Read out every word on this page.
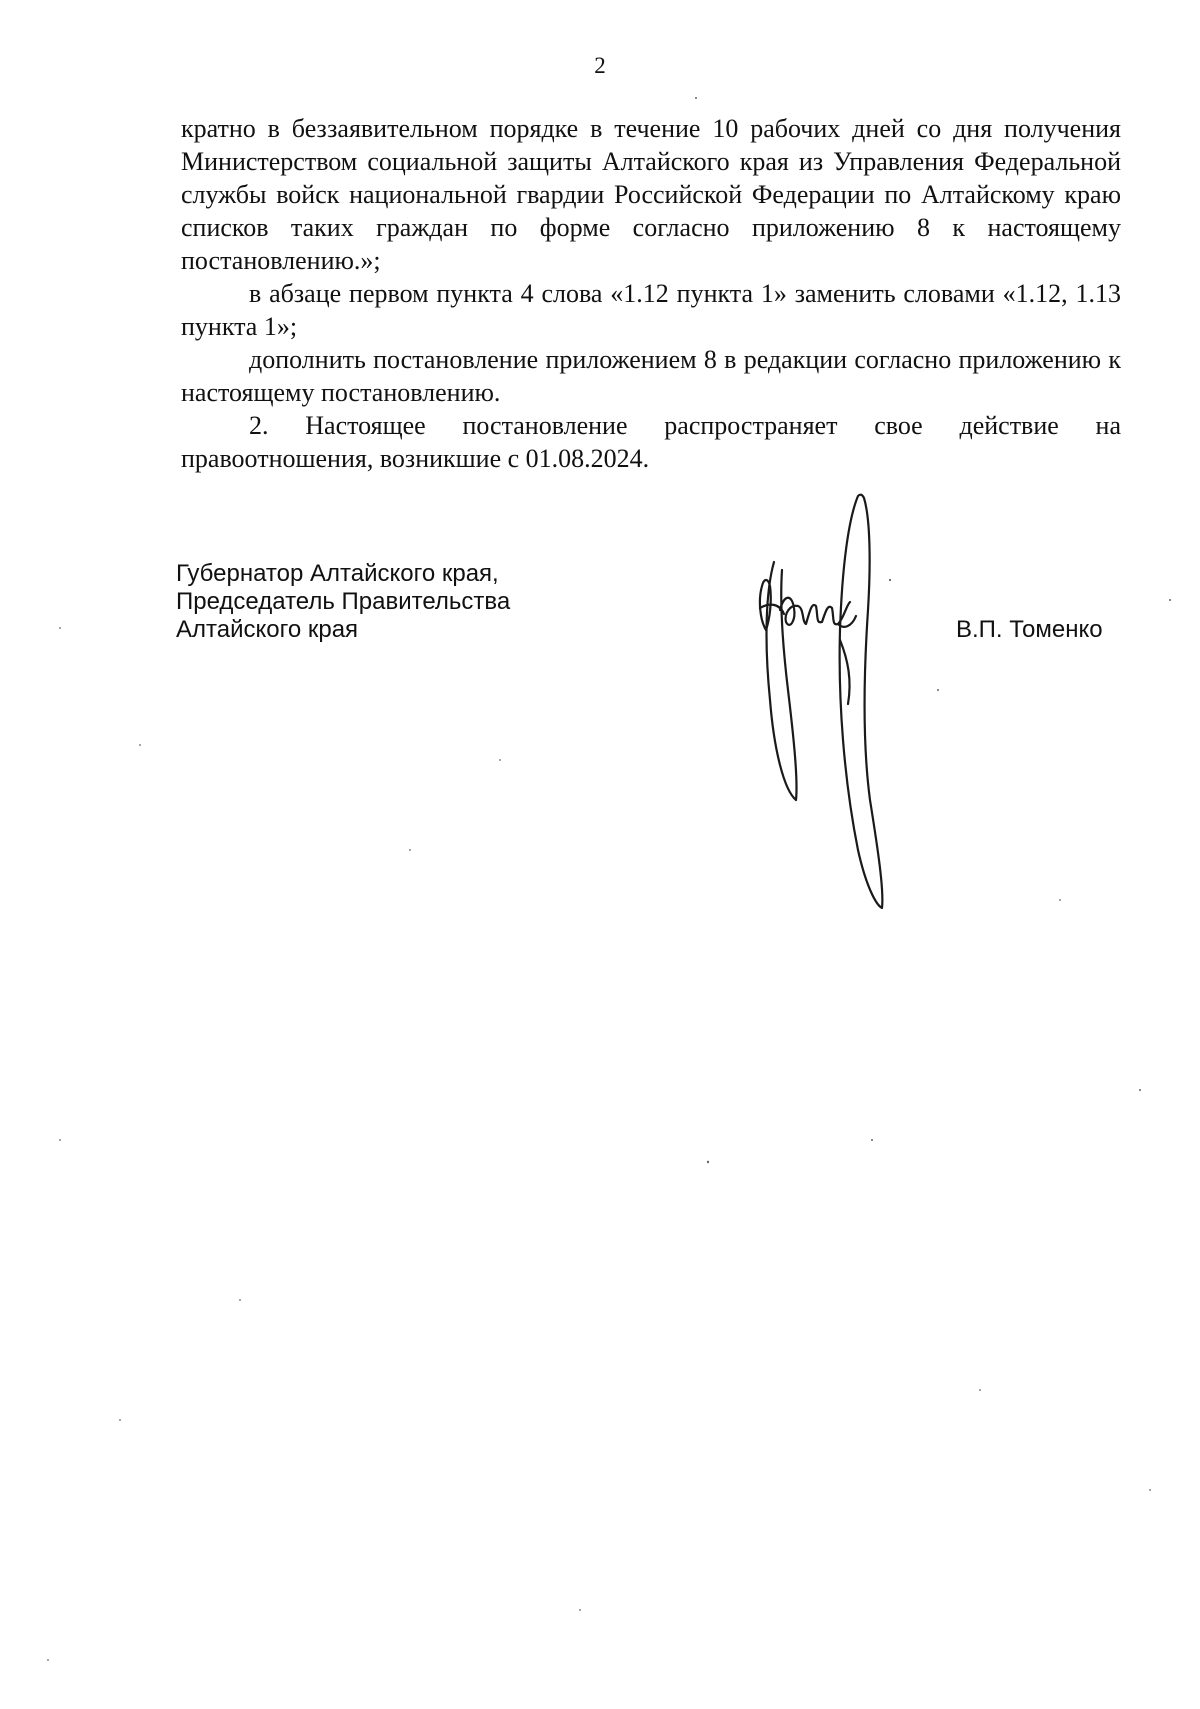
2

кратно в беззаявительном порядке в течение 10 рабочих дней со дня получения Министерством социальной защиты Алтайского края из Управления Федеральной службы войск национальной гвардии Российской Федерации по Алтайскому краю списков таких граждан по форме согласно приложению 8 к настоящему постановлению.»;

в абзаце первом пункта 4 слова «1.12 пункта 1» заменить словами «1.12, 1.13 пункта 1»;

дополнить постановление приложением 8 в редакции согласно приложению к настоящему постановлению.

2. Настоящее постановление распространяет свое действие на правоотношения, возникшие с 01.08.2024.

Губернатор Алтайского края,
Председатель Правительства
Алтайского края	В.П. Томенко
